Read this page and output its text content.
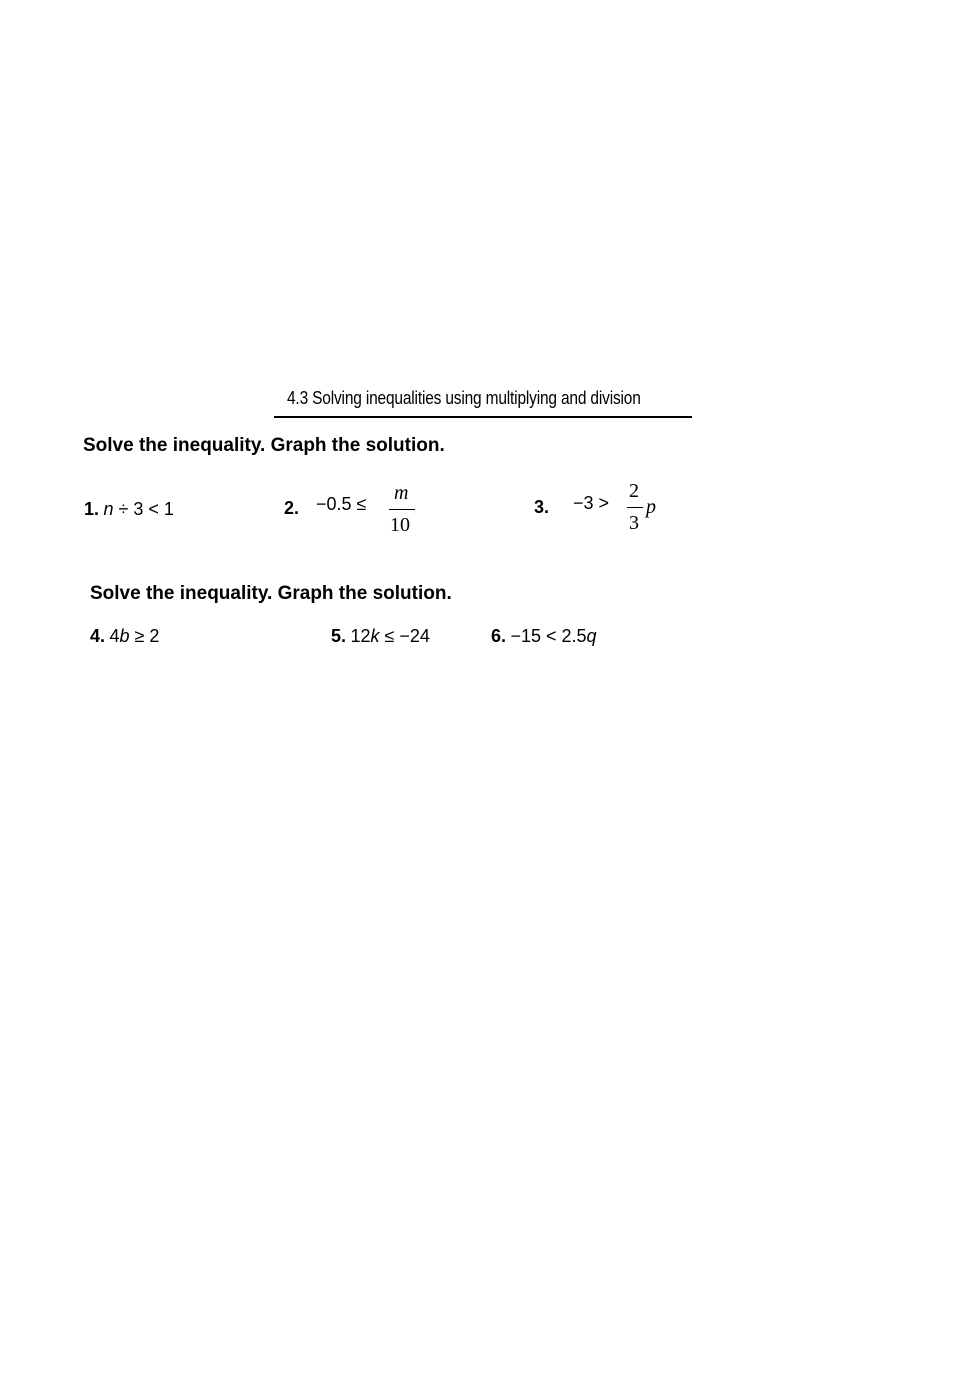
4.3 Solving inequalities using multiplying and division
Solve the inequality. Graph the solution.
1. n ÷ 3 < 1	2. −0.5 ≤ m
10
3. −3 >
2
3
p
Solve the inequality. Graph the solution.
4. 4b ≥ 2	5. 12k ≤ −24	6. −15 < 2.5q
